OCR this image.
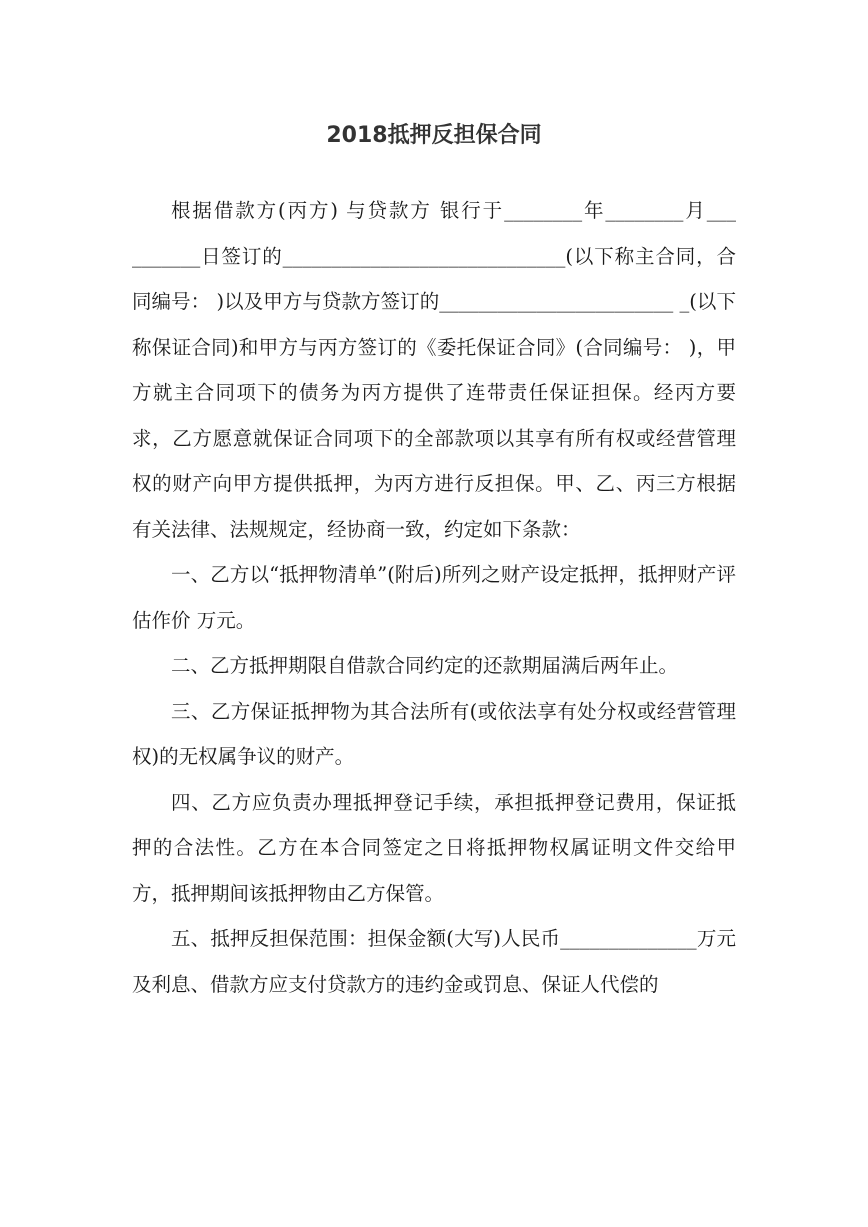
2018抵押反担保合同

根据借款方(丙方) 与贷款方 银行于________年________月___ _______日签订的_____________________________(以下称主合同，合同编号： )以及甲方与贷款方签订的________________________ _(以下称保证合同)和甲方与丙方签订的《委托保证合同》(合同编号： )，甲方就主合同项下的债务为丙方提供了连带责任保证担保。经丙方要求，乙方愿意就保证合同项下的全部款项以其享有所有权或经营管理权的财产向甲方提供抵押，为丙方进行反担保。甲、乙、丙三方根据有关法律、法规规定，经协商一致，约定如下条款：

一、乙方以“抵押物清单”(附后)所列之财产设定抵押，抵押财产评估作价 万元。

二、乙方抵押期限自借款合同约定的还款期届满后两年止。

三、乙方保证抵押物为其合法所有(或依法享有处分权或经营管理权)的无权属争议的财产。

四、乙方应负责办理抵押登记手续，承担抵押登记费用，保证抵押的合法性。乙方在本合同签定之日将抵押物权属证明文件交给甲方，抵押期间该抵押物由乙方保管。

五、抵押反担保范围：担保金额(大写)人民币______________万元及利息、借款方应支付贷款方的违约金或罚息、保证人代偿的
